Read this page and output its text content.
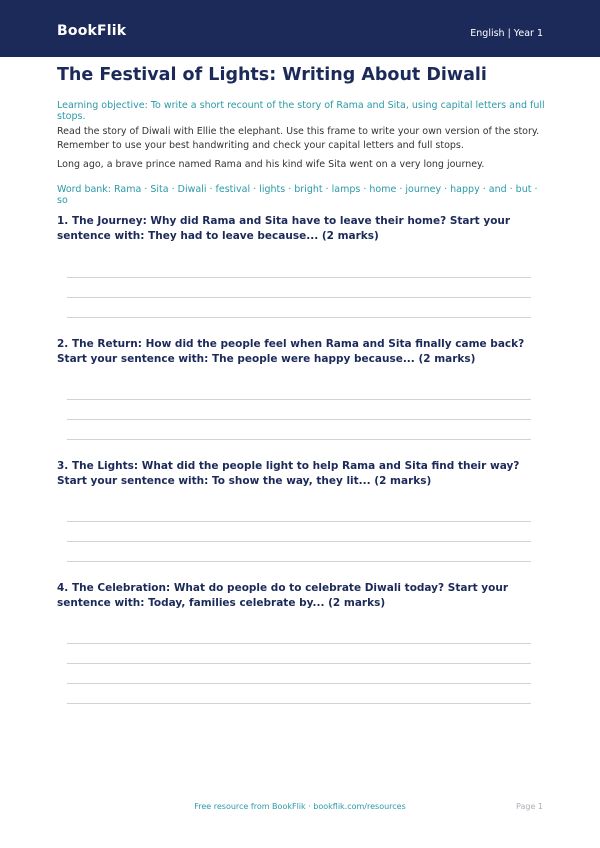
BookFlik	English | Year 1
The Festival of Lights: Writing About Diwali
Learning objective: To write a short recount of the story of Rama and Sita, using capital letters and full stops.
Read the story of Diwali with Ellie the elephant. Use this frame to write your own version of the story. Remember to use your best handwriting and check your capital letters and full stops.
Long ago, a brave prince named Rama and his kind wife Sita went on a very long journey.
Word bank: Rama · Sita · Diwali · festival · lights · bright · lamps · home · journey · happy · and · but · so
1. The Journey: Why did Rama and Sita have to leave their home? Start your sentence with: They had to leave because... (2 marks)
2. The Return: How did the people feel when Rama and Sita finally came back? Start your sentence with: The people were happy because... (2 marks)
3. The Lights: What did the people light to help Rama and Sita find their way? Start your sentence with: To show the way, they lit... (2 marks)
4. The Celebration: What do people do to celebrate Diwali today? Start your sentence with: Today, families celebrate by... (2 marks)
Free resource from BookFlik · bookflik.com/resources	Page 1
